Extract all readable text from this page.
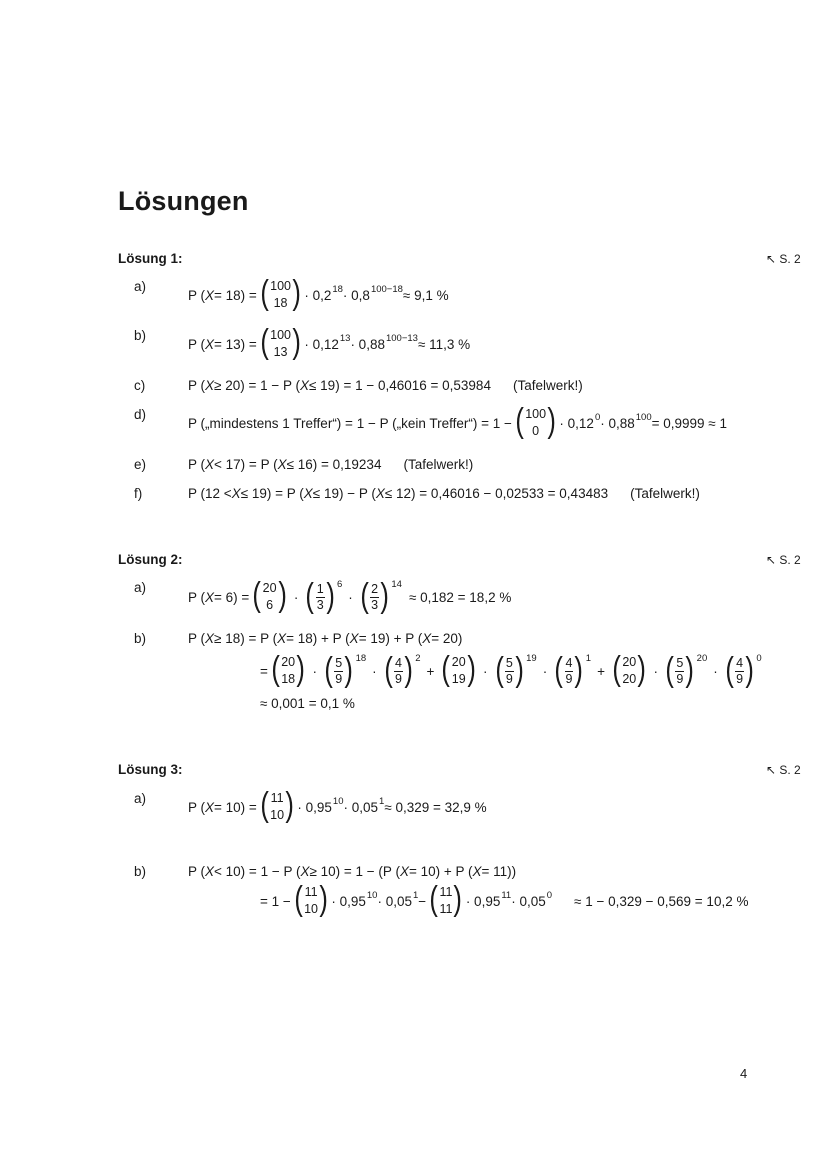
Lösungen
Lösung 1:	↖ S. 2
a)
P ( X = 18) = ( 100
18 ) · 0,2 18 · 0,8 100−18 ≈ 9,1 %
b)
P ( X = 13) = ( 100
13 ) · 0,12 13 · 0,88 100−13 ≈ 11,3 %
c)	P ( X ≥ 20) = 1 − P ( X ≤ 19) = 1 − 0,46016 = 0,53984 (Tafelwerk!)
d)
P („mindestens 1 Treffer“) = 1 − P („kein Treffer“) = 1 − ( 100
0 ) · 0,12 0 · 0,88 100 = 0,9999 ≈ 1
e)	P ( X < 17) = P ( X ≤ 16) = 0,19234 (Tafelwerk!)
f)	P (12 < X ≤ 19) = P ( X ≤ 19) − P ( X ≤ 12) = 0,46016 − 0,02533 = 0,43483 (Tafelwerk!)
Lösung 2:	↖ S. 2
a)
P ( X = 6) = ( 20
6 ) · ( $\frac{1}{3}$ ) 6
· ( $\frac{2}{3}$ ) 14
≈ 0,182 = 18,2 %
b)	P ( X ≥ 18) = P ( X = 18) + P ( X = 19) + P ( X = 20)
= ( 20
18 ) · ( $\frac{5}{9}$ ) 18
· ( $\frac{4}{9}$ ) 2
+ ( 20
19 ) · ( $\frac{5}{9}$ ) 19
· ( $\frac{4}{9}$ ) 1
+ ( 20
20 ) · ( $\frac{5}{9}$ ) 20
· ( $\frac{4}{9}$ ) 0
≈ 0,001 = 0,1 %
Lösung 3:	↖ S. 2
a)
P ( X = 10) = ( 11
10 ) · 0,95 10 · 0,05 1 ≈ 0,329 = 32,9 %
b)	P ( X < 10) = 1 − P ( X ≥ 10) = 1 − (P ( X = 10) + P ( X = 11))
= 1 − ( 11
10 ) · 0,95 10 · 0,05 1 − ( 11
11 ) · 0,95 11 · 0,05 0 ≈ 1 − 0,329 − 0,569 = 10,2 %
4
